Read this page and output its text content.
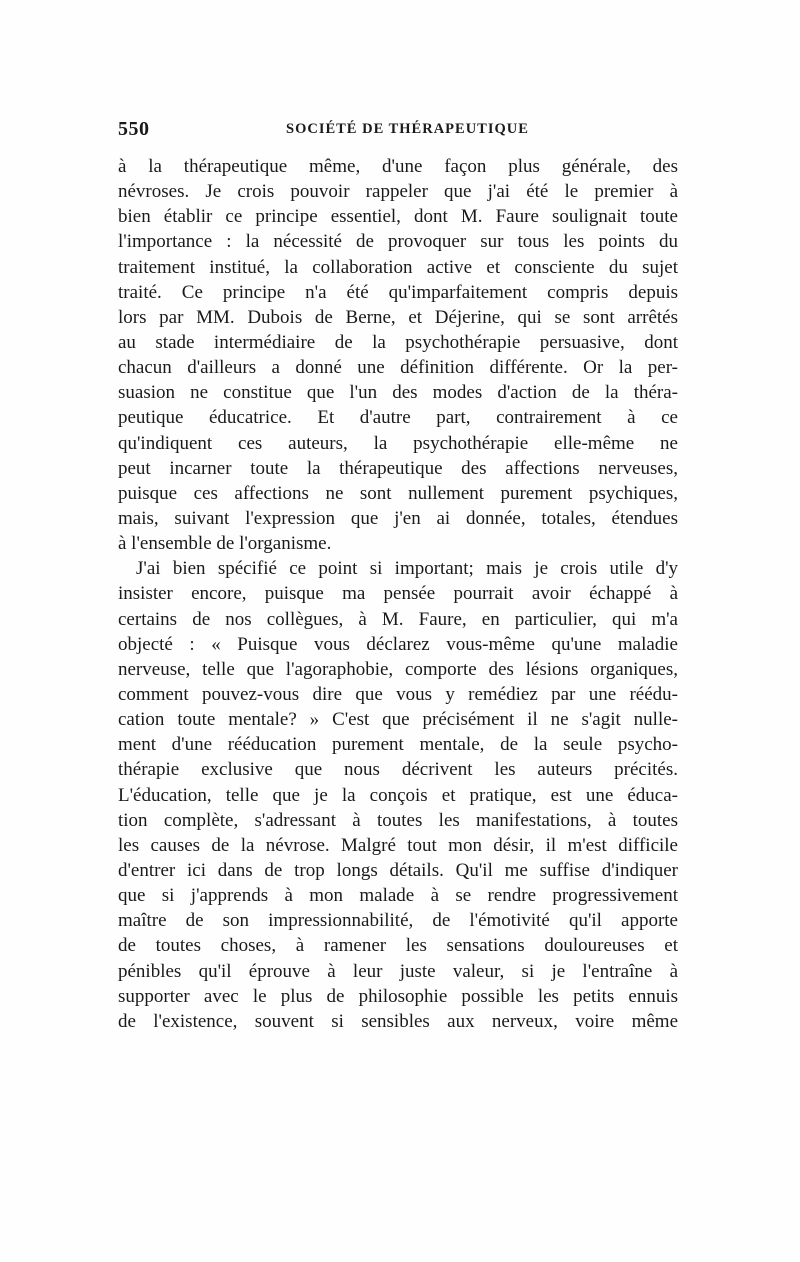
550	SOCIÉTÉ DE THÉRAPEUTIQUE
à la thérapeutique même, d'une façon plus générale, des
névroses. Je crois pouvoir rappeler que j'ai été le premier à
bien établir ce principe essentiel, dont M. Faure soulignait toute
l'importance : la nécessité de provoquer sur tous les points du
traitement institué, la collaboration active et consciente du sujet
traité. Ce principe n'a été qu'imparfaitement compris depuis
lors par MM. Dubois de Berne, et Déjerine, qui se sont arrêtés
au stade intermédiaire de la psychothérapie persuasive, dont
chacun d'ailleurs a donné une définition différente. Or la per-
suasion ne constitue que l'un des modes d'action de la théra-
peutique éducatrice. Et d'autre part, contrairement à ce
qu'indiquent ces auteurs, la psychothérapie elle-même ne
peut incarner toute la thérapeutique des affections nerveuses,
puisque ces affections ne sont nullement purement psychiques,
mais, suivant l'expression que j'en ai donnée, totales, étendues
à l'ensemble de l'organisme.
J'ai bien spécifié ce point si important; mais je crois utile d'y
insister encore, puisque ma pensée pourrait avoir échappé à
certains de nos collègues, à M. Faure, en particulier, qui m'a
objecté : « Puisque vous déclarez vous-même qu'une maladie
nerveuse, telle que l'agoraphobie, comporte des lésions organiques,
comment pouvez-vous dire que vous y remédiez par une réédu-
cation toute mentale? » C'est que précisément il ne s'agit nulle-
ment d'une rééducation purement mentale, de la seule psycho-
thérapie exclusive que nous décrivent les auteurs précités.
L'éducation, telle que je la conçois et pratique, est une éduca-
tion complète, s'adressant à toutes les manifestations, à toutes
les causes de la névrose. Malgré tout mon désir, il m'est difficile
d'entrer ici dans de trop longs détails. Qu'il me suffise d'indiquer
que si j'apprends à mon malade à se rendre progressivement
maître de son impressionnabilité, de l'émotivité qu'il apporte
de toutes choses, à ramener les sensations douloureuses et
pénibles qu'il éprouve à leur juste valeur, si je l'entraîne à
supporter avec le plus de philosophie possible les petits ennuis
de l'existence, souvent si sensibles aux nerveux, voire même
